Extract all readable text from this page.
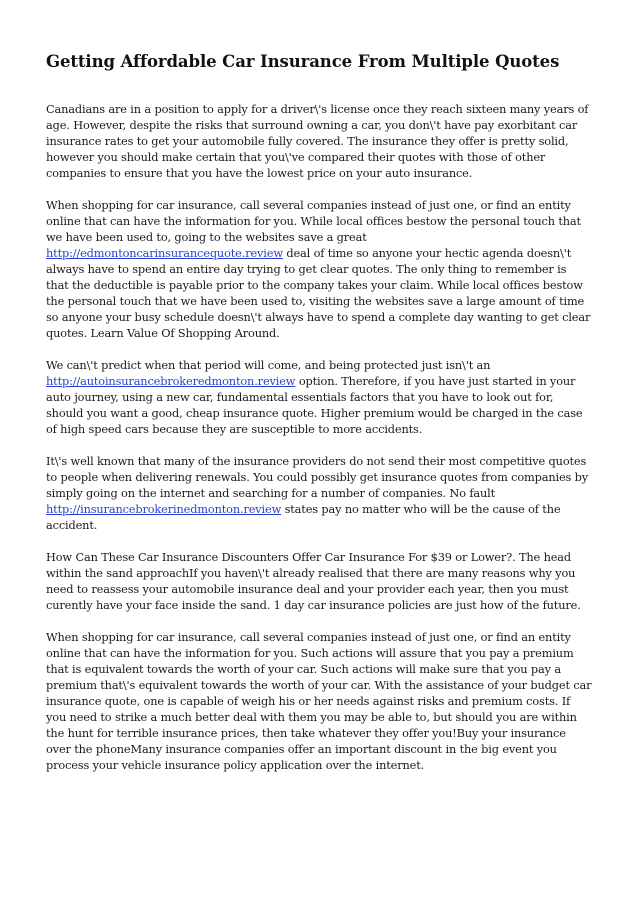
Getting Affordable Car Insurance From Multiple Quotes

Canadians are in a position to apply for a driver\'s license once they reach sixteen many years of age. However, despite the risks that surround owning a car, you don\'t have pay exorbitant car insurance rates to get your automobile fully covered. The insurance they offer is pretty solid, however you should make certain that you\'ve compared their quotes with those of other companies to ensure that you have the lowest price on your auto insurance.

When shopping for car insurance, call several companies instead of just one, or find an entity online that can have the information for you. While local offices bestow the personal touch that we have been used to, going to the websites save a great http://edmontoncarinsurancequote.review deal of time so anyone your hectic agenda doesn\'t always have to spend an entire day trying to get clear quotes. The only thing to remember is that the deductible is payable prior to the company takes your claim. While local offices bestow the personal touch that we have been used to, visiting the websites save a large amount of time so anyone your busy schedule doesn\'t always have to spend a complete day wanting to get clear quotes. Learn Value Of Shopping Around.

We can\'t predict when that period will come, and being protected just isn\'t an http://autoinsurancebrokeredmonton.review option. Therefore, if you have just started in your auto journey, using a new car, fundamental essentials factors that you have to look out for, should you want a good, cheap insurance quote. Higher premium would be charged in the case of high speed cars because they are susceptible to more accidents.

It\'s well known that many of the insurance providers do not send their most competitive quotes to people when delivering renewals. You could possibly get insurance quotes from companies by simply going on the internet and searching for a number of companies. No fault http://insurancebrokerinedmonton.review states pay no matter who will be the cause of the accident.

How Can These Car Insurance Discounters Offer Car Insurance For $39 or Lower?. The head within the sand approachIf you haven\'t already realised that there are many reasons why you need to reassess your automobile insurance deal and your provider each year, then you must curently have your face inside the sand. 1 day car insurance policies are just how of the future.

When shopping for car insurance, call several companies instead of just one, or find an entity online that can have the information for you. Such actions will assure that you pay a premium that is equivalent towards the worth of your car. Such actions will make sure that you pay a premium that\'s equivalent towards the worth of your car. With the assistance of your budget car insurance quote, one is capable of weigh his or her needs against risks and premium costs. If you need to strike a much better deal with them you may be able to, but should you are within the hunt for terrible insurance prices, then take whatever they offer you!Buy your insurance over the phoneMany insurance companies offer an important discount in the big event you process your vehicle insurance policy application over the internet.
